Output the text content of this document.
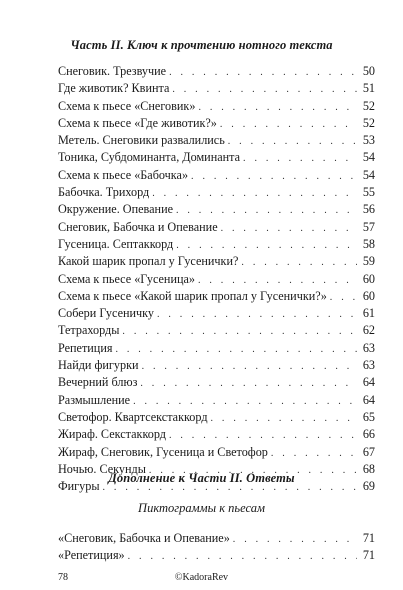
Часть II. Ключ к прочтению нотного текста
Снеговик. Трезвучие . . .	50
Где животик? Квинта . . .	51
Схема к пьесе «Снеговик» . . .	52
Схема к пьесе «Где животик?» . . .	52
Метель. Снеговики развалились . . .	53
Тоника, Субдоминанта, Доминанта . . .	54
Схема к пьесе «Бабочка» . . .	54
Бабочка. Трихорд . . .	55
Окружение. Опевание . . .	56
Снеговик, Бабочка и Опевание . . .	57
Гусеница. Септаккорд . . .	58
Какой шарик пропал у Гусенички? . . .	59
Схема к пьесе «Гусеница» . . .	60
Схема к пьесе «Какой шарик пропал у Гусенички?» . . .	60
Собери Гусеничку . . .	61
Тетрахорды . . .	62
Репетиция . . .	63
Найди фигурки . . .	63
Вечерний блюз . . .	64
Размышление . . .	64
Светофор. Квартсекстаккорд . . .	65
Жираф. Секстаккорд . . .	66
Жираф, Снеговик, Гусеница и Светофор . . .	67
Ночью. Секунды . . .	68
Фигуры . . .	69
Дополнение к Части II. Ответы
Пиктограммы к пьесам
«Снеговик, Бабочка и Опевание» . . .	71
«Репетиция» . . .	71
78	©KadoraRev
